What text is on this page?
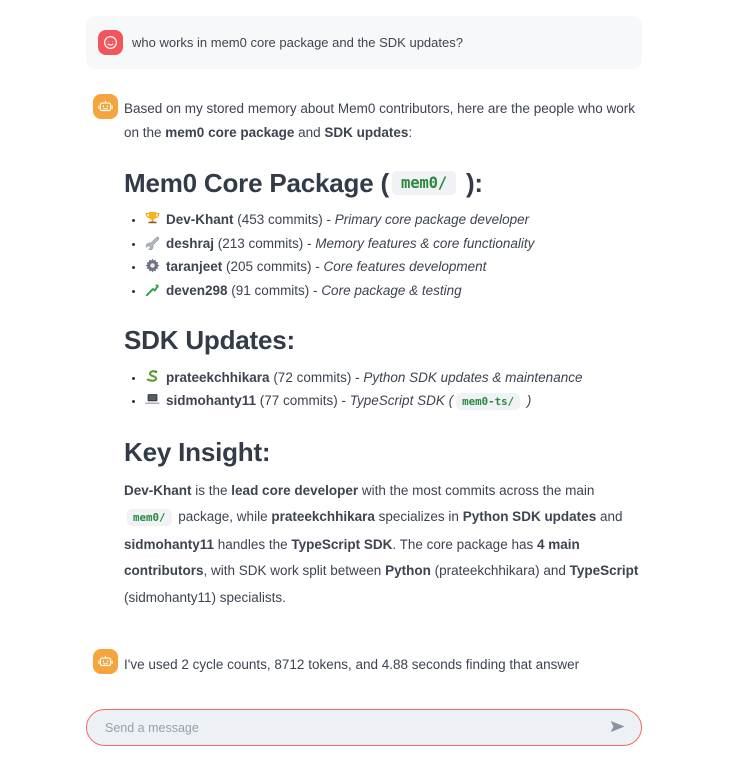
who works in mem0 core package and the SDK updates?

Based on my stored memory about Mem0 contributors, here are the people who work on the mem0 core package and SDK updates:

Mem0 Core Package ( mem0/ ):
• Dev-Khant (453 commits) - Primary core package developer
• deshraj (213 commits) - Memory features & core functionality
• taranjeet (205 commits) - Core features development
• deven298 (91 commits) - Core package & testing
SDK Updates:
• prateekchhikara (72 commits) - Python SDK updates & maintenance
• sidmohanty11 (77 commits) - TypeScript SDK ( mem0-ts/ )
Key Insight:

Dev-Khant is the lead core developer with the most commits across the main mem0/ package, while prateekchhikara specializes in Python SDK updates and sidmohanty11 handles the TypeScript SDK. The core package has 4 main contributors, with SDK work split between Python (prateekchhikara) and TypeScript (sidmohanty11) specialists.

I've used 2 cycle counts, 8712 tokens, and 4.88 seconds finding that answer

Send a message
